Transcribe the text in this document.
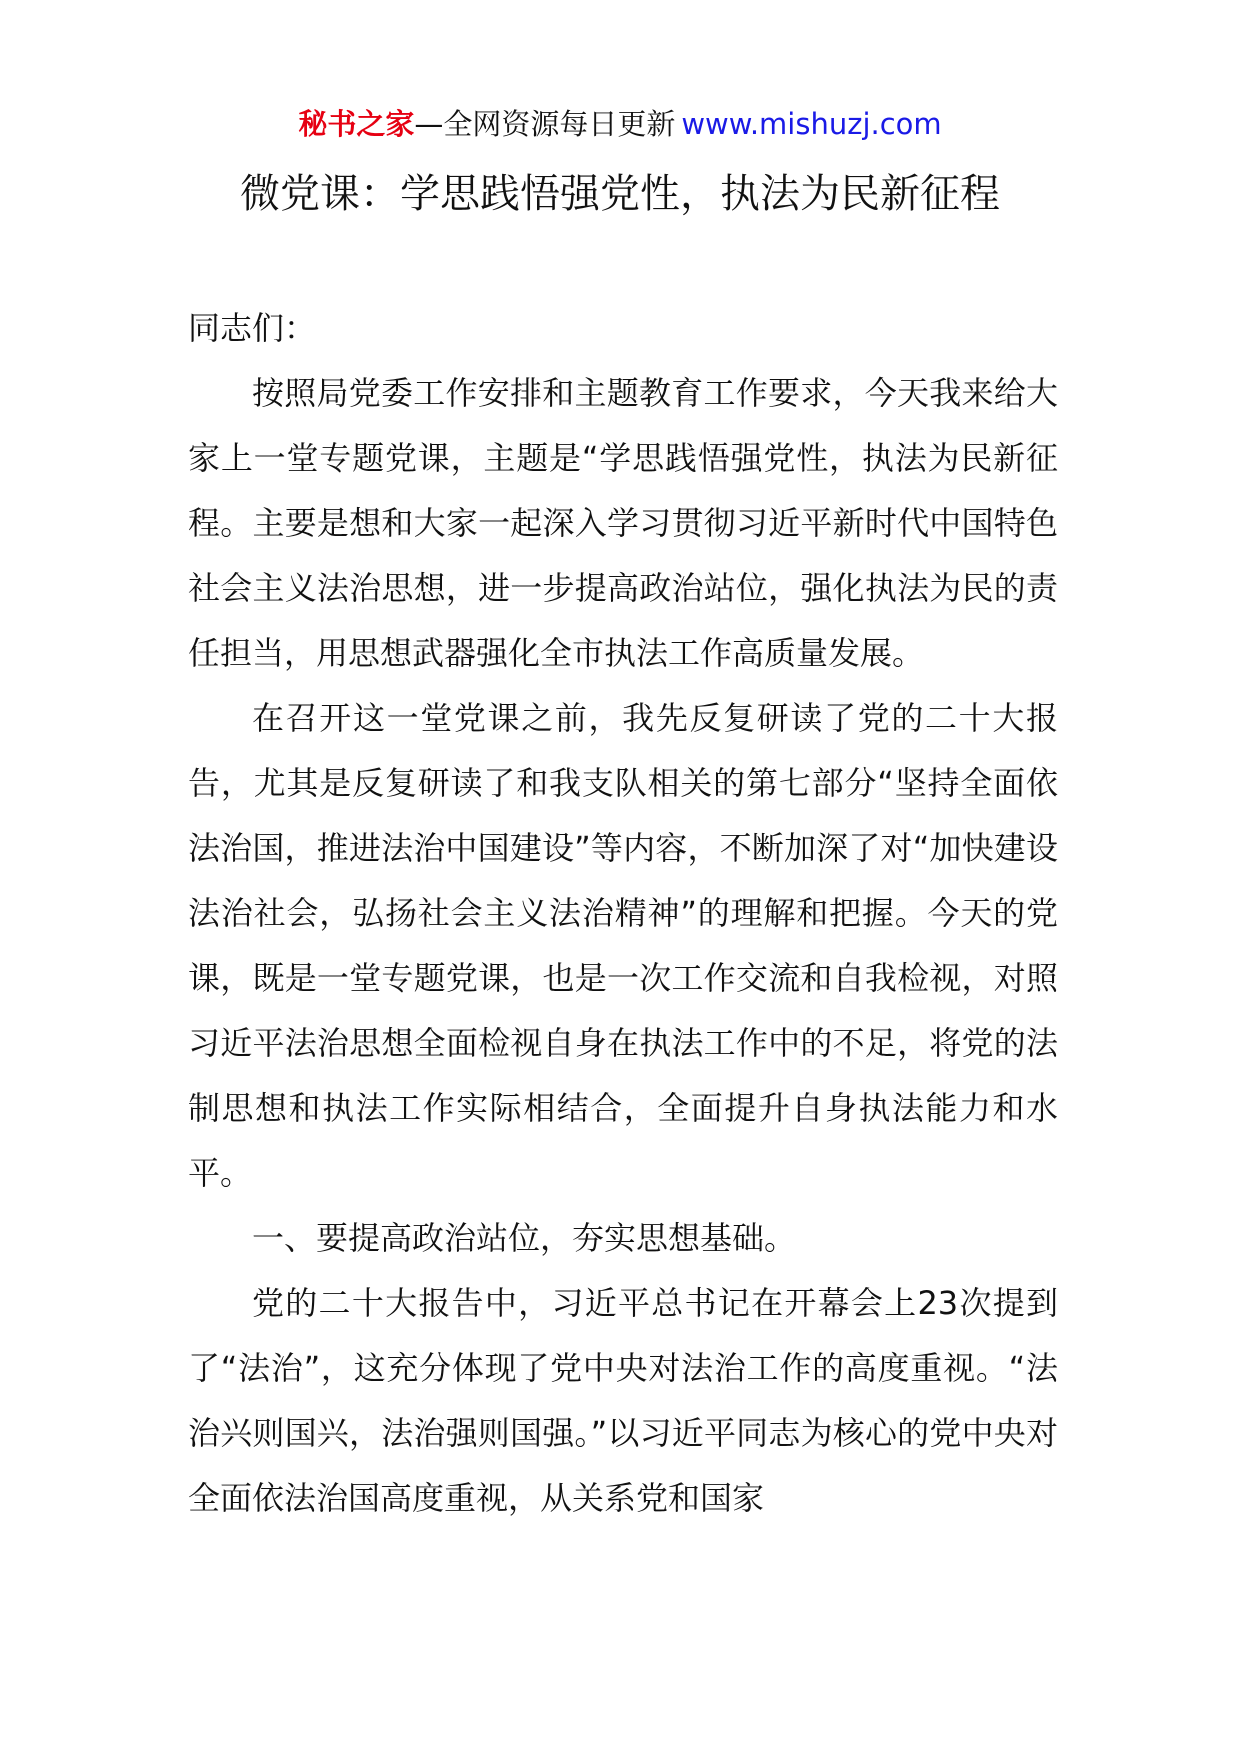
秘书之家—全网资源每日更新 www.mishuzj.com
微党课：学思践悟强党性，执法为民新征程

同志们：

按照局党委工作安排和主题教育工作要求，今天我来给大家上一堂专题党课，主题是“学思践悟强党性，执法为民新征程。主要是想和大家一起深入学习贯彻习近平新时代中国特色社会主义法治思想，进一步提高政治站位，强化执法为民的责任担当，用思想武器强化全市执法工作高质量发展。

在召开这一堂党课之前，我先反复研读了党的二十大报告，尤其是反复研读了和我支队相关的第七部分“坚持全面依法治国，推进法治中国建设”等内容，不断加深了对“加快建设法治社会，弘扬社会主义法治精神”的理解和把握。今天的党课，既是一堂专题党课，也是一次工作交流和自我检视，对照习近平法治思想全面检视自身在执法工作中的不足，将党的法制思想和执法工作实际相结合，全面提升自身执法能力和水平。

一、要提高政治站位，夯实思想基础。

党的二十大报告中，习近平总书记在开幕会上23次提到了“法治”，这充分体现了党中央对法治工作的高度重视。“法治兴则国兴，法治强则国强。”以习近平同志为核心的党中央对全面依法治国高度重视，从关系党和国家
